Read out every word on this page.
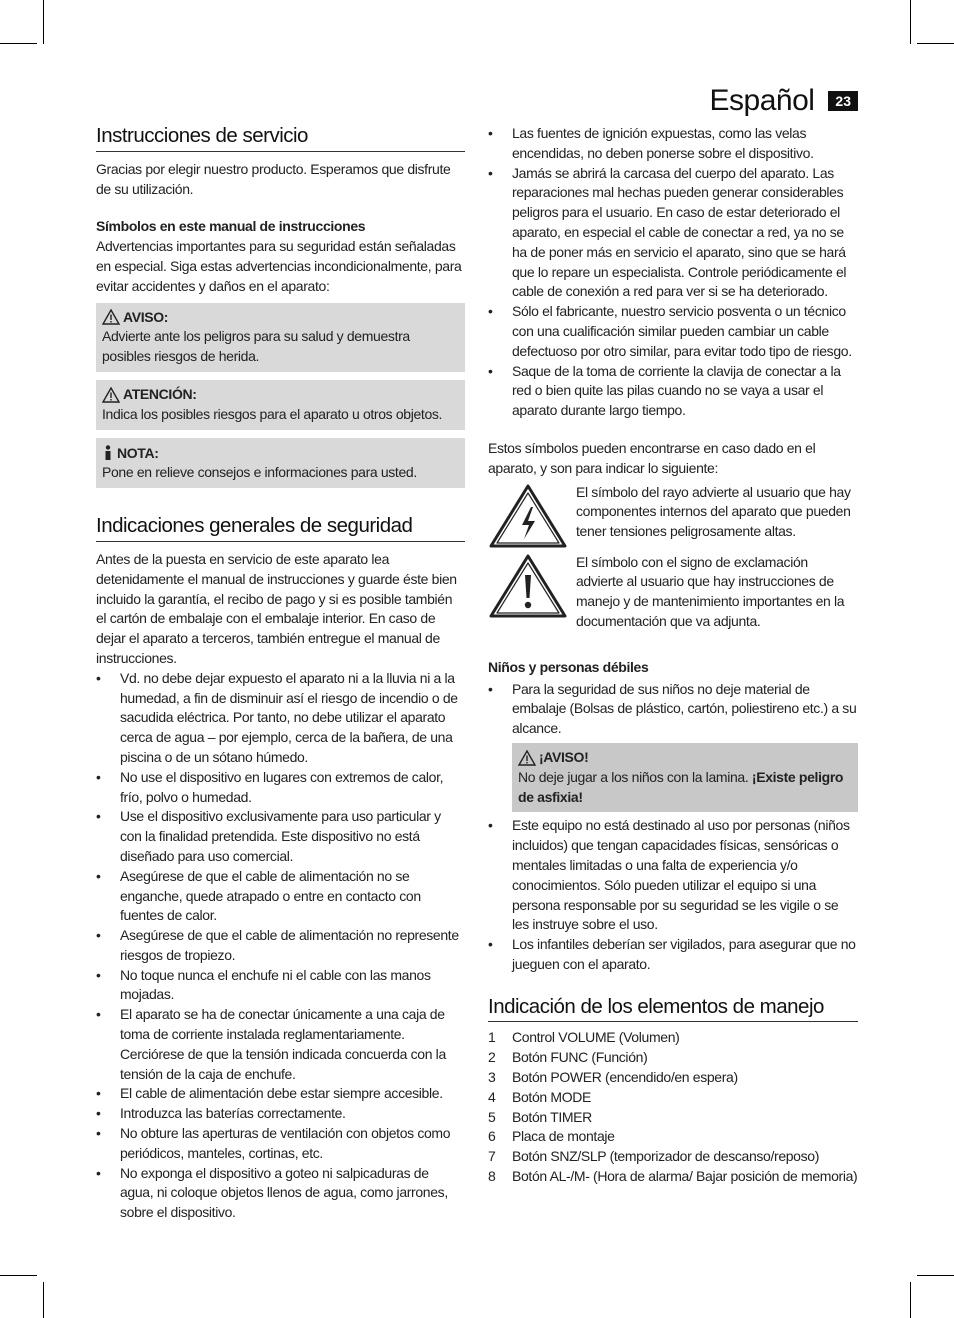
Español	23
Instrucciones de servicio

Gracias por elegir nuestro producto. Esperamos que disfrute de su utilización.

Símbolos en este manual de instrucciones

Advertencias importantes para su seguridad están señaladas en especial. Siga estas advertencias incondicionalmente, para evitar accidentes y daños en el aparato:

AVISO:

Advierte ante los peligros para su salud y demuestra posibles riesgos de herida.

ATENCIÓN:

Indica los posibles riesgos para el aparato u otros objetos.

NOTA:

Pone en relieve consejos e informaciones para usted.

Indicaciones generales de seguridad

Antes de la puesta en servicio de este aparato lea detenidamente el manual de instrucciones y guarde éste bien incluido la garantía, el recibo de pago y si es posible también el cartón de embalaje con el embalaje interior. En caso de dejar el aparato a terceros, también entregue el manual de instrucciones.

• Vd. no debe dejar expuesto el aparato ni a la lluvia ni a la humedad, a fin de disminuir así el riesgo de incendio o de sacudida eléctrica. Por tanto, no debe utilizar el aparato cerca de agua – por ejemplo, cerca de la bañera, de una piscina o de un sótano húmedo.
• No use el dispositivo en lugares con extremos de calor, frío, polvo o humedad.
• Use el dispositivo exclusivamente para uso particular y con la finalidad pretendida. Este dispositivo no está diseñado para uso comercial.
• Asegúrese de que el cable de alimentación no se enganche, quede atrapado o entre en contacto con fuentes de calor.
• Asegúrese de que el cable de alimentación no represente riesgos de tropiezo.
• No toque nunca el enchufe ni el cable con las manos mojadas.
• El aparato se ha de conectar únicamente a una caja de toma de corriente instalada reglamentariamente. Cerciórese de que la tensión indicada concuerda con la tensión de la caja de enchufe.
• El cable de alimentación debe estar siempre accesible.
• Introduzca las baterías correctamente.
• No obture las aperturas de ventilación con objetos como periódicos, manteles, cortinas, etc.
• No exponga el dispositivo a goteo ni salpicaduras de agua, ni coloque objetos llenos de agua, como jarrones, sobre el dispositivo.
• Las fuentes de ignición expuestas, como las velas encendidas, no deben ponerse sobre el dispositivo.
• Jamás se abrirá la carcasa del cuerpo del aparato. Las reparaciones mal hechas pueden generar considerables peligros para el usuario. En caso de estar deteriorado el aparato, en especial el cable de conectar a red, ya no se ha de poner más en servicio el aparato, sino que se hará que lo repare un especialista. Controle periódicamente el cable de conexión a red para ver si se ha deteriorado.
• Sólo el fabricante, nuestro servicio posventa o un técnico con una cualificación similar pueden cambiar un cable defectuoso por otro similar, para evitar todo tipo de riesgo.
• Saque de la toma de corriente la clavija de conectar a la red o bien quite las pilas cuando no se vaya a usar el aparato durante largo tiempo.

Estos símbolos pueden encontrarse en caso dado en el aparato, y son para indicar lo siguiente:

El símbolo del rayo advierte al usuario que hay componentes internos del aparato que pueden tener tensiones peligrosamente altas.

El símbolo con el signo de exclamación advierte al usuario que hay instrucciones de manejo y de mantenimiento importantes en la documentación que va adjunta.

Niños y personas débiles
• Para la seguridad de sus niños no deje material de embalaje (Bolsas de plástico, cartón, poliestireno etc.) a su alcance.
¡AVISO!

No deje jugar a los niños con la lamina. ¡Existe peligro de asfixia!

• Este equipo no está destinado al uso por personas (niños incluidos) que tengan capacidades físicas, sensóricas o mentales limitadas o una falta de experiencia y/o conocimientos. Sólo pueden utilizar el equipo si una persona responsable por su seguridad se les vigile o se les instruye sobre el uso.
• Los infantiles deberían ser vigilados, para asegurar que no jueguen con el aparato.
Indicación de los elementos de manejo
1	Control VOLUME (Volumen)
2	Botón FUNC (Función)
3	Botón POWER (encendido/en espera)
4	Botón MODE
5	Botón TIMER
6	Placa de montaje
7	Botón SNZ/SLP (temporizador de descanso/reposo)
8	Botón AL-/M- (Hora de alarma/ Bajar posición de memoria)
